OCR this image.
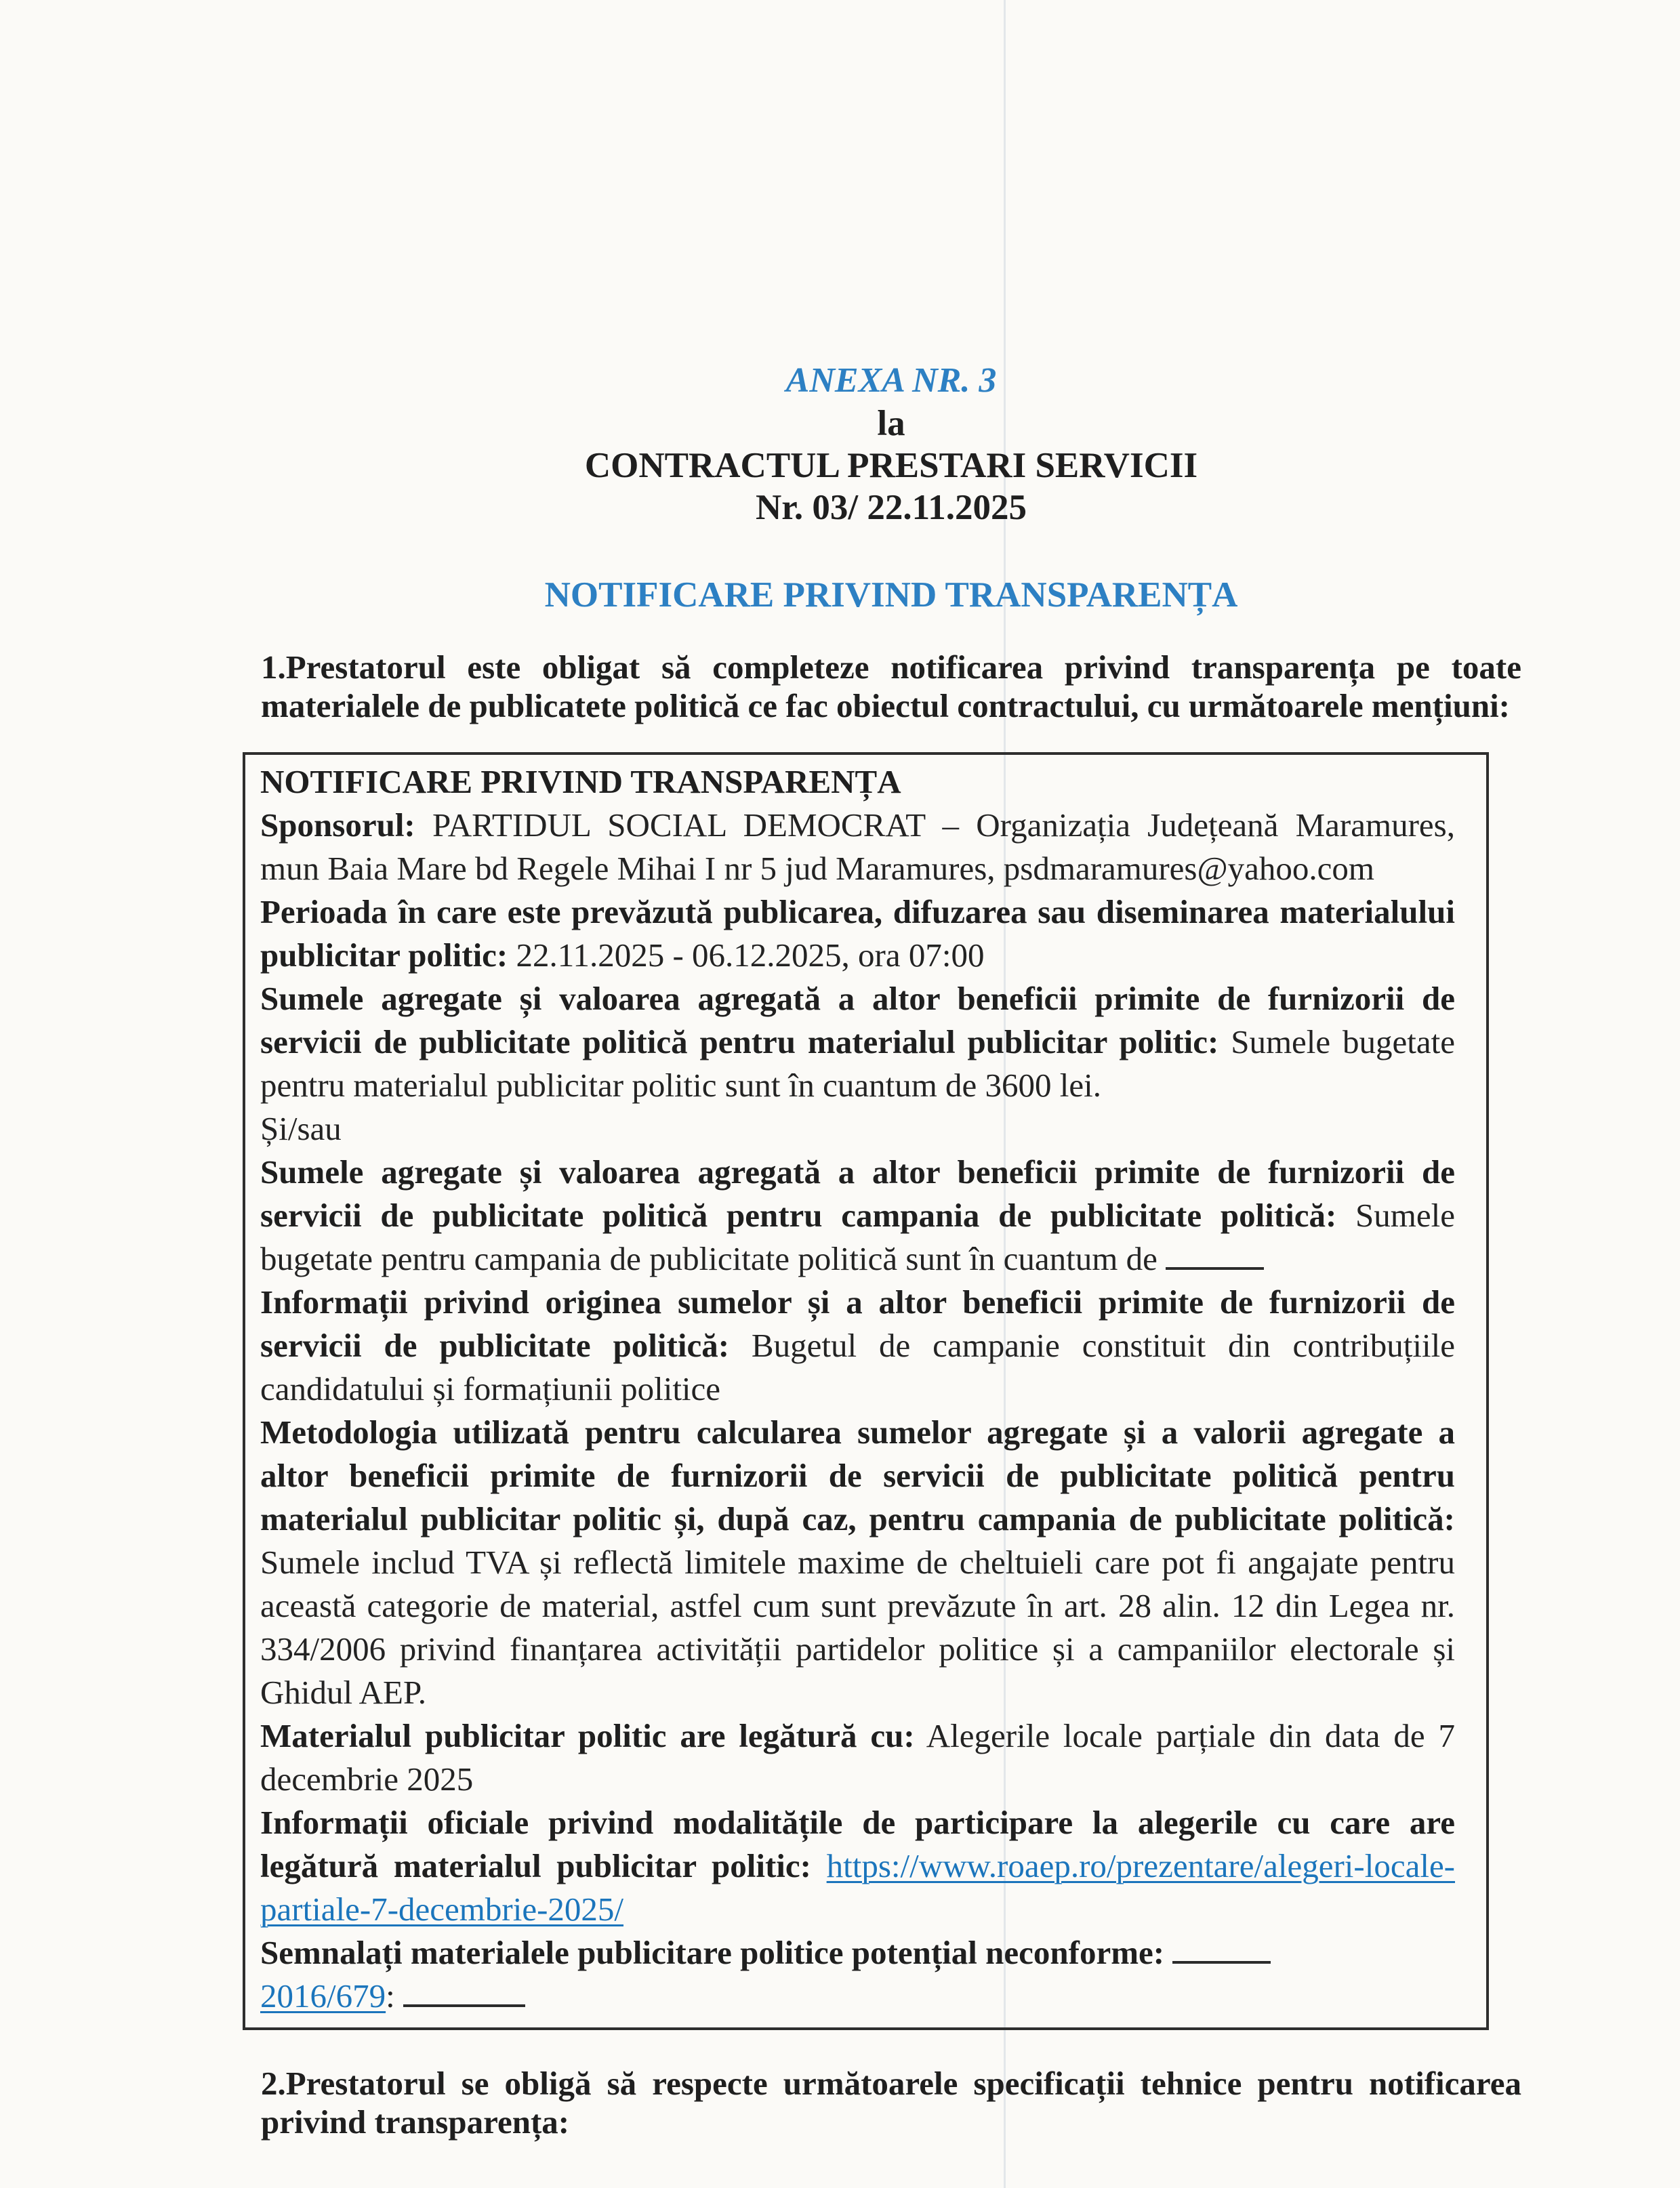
ANEXA NR. 3
la
CONTRACTUL PRESTARI SERVICII
Nr. 03/ 22.11.2025
NOTIFICARE PRIVIND TRANSPARENȚA
1.Prestatorul este obligat să completeze notificarea privind transparența pe toate materialele de publicatete politică ce fac obiectul contractului, cu următoarele mențiuni:
NOTIFICARE PRIVIND TRANSPARENȚA
Sponsorul: PARTIDUL SOCIAL DEMOCRAT – Organizația Județeană Maramures, mun Baia Mare bd Regele Mihai I nr 5 jud Maramures, psdmaramures@yahoo.com
Perioada în care este prevăzută publicarea, difuzarea sau diseminarea materialului publicitar politic: 22.11.2025 - 06.12.2025, ora 07:00
Sumele agregate și valoarea agregată a altor beneficii primite de furnizorii de servicii de publicitate politică pentru materialul publicitar politic: Sumele bugetate pentru materialul publicitar politic sunt în cuantum de 3600 lei.
Și/sau
Sumele agregate și valoarea agregată a altor beneficii primite de furnizorii de servicii de publicitate politică pentru campania de publicitate politică: Sumele bugetate pentru campania de publicitate politică sunt în cuantum de
Informații privind originea sumelor și a altor beneficii primite de furnizorii de servicii de publicitate politică: Bugetul de campanie constituit din contribuțiile candidatului și formațiunii politice
Metodologia utilizată pentru calcularea sumelor agregate și a valorii agregate a altor beneficii primite de furnizorii de servicii de publicitate politică pentru materialul publicitar politic și, după caz, pentru campania de publicitate politică: Sumele includ TVA și reflectă limitele maxime de cheltuieli care pot fi angajate pentru această categorie de material, astfel cum sunt prevăzute în art. 28 alin. 12 din Legea nr. 334/2006 privind finanțarea activității partidelor politice și a campaniilor electorale și Ghidul AEP.
Materialul publicitar politic are legătură cu: Alegerile locale parțiale din data de 7 decembrie 2025
Informații oficiale privind modalitățile de participare la alegerile cu care are legătură materialul publicitar politic: https://www.roaep.ro/prezentare/alegeri-locale-partiale-7-decembrie-2025/
Semnalați materialele publicitare politice potențial neconforme:
2016/679:
2.Prestatorul se obligă să respecte următoarele specificații tehnice pentru notificarea privind transparența:
